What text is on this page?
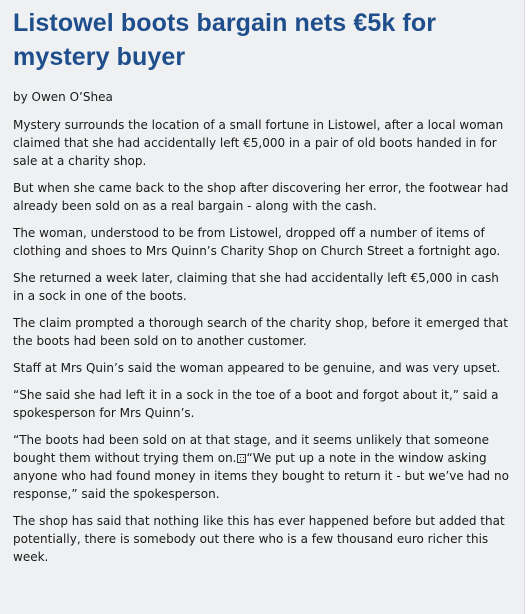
Listowel boots bargain nets €5k for mystery buyer

by Owen O’Shea

Mystery surrounds the location of a small fortune in Listowel, after a local woman claimed that she had accidentally left €5,000 in a pair of old boots handed in for sale at a charity shop.

But when she came back to the shop after discovering her error, the footwear had already been sold on as a real bargain - along with the cash.

The woman, understood to be from Listowel, dropped off a number of items of clothing and shoes to Mrs Quinn’s Charity Shop on Church Street a fortnight ago.

She returned a week later, claiming that she had accidentally left €5,000 in cash in a sock in one of the boots.

The claim prompted a thorough search of the charity shop, before it emerged that the boots had been sold on to another customer.

Staff at Mrs Quin’s said the woman appeared to be genuine, and was very upset.

“She said she had left it in a sock in the toe of a boot and forgot about it,” said a spokesperson for Mrs Quinn’s.

“The boots had been sold on at that stage, and it seems unlikely that someone bought them without trying them on. “We put up a note in the window asking anyone who had found money in items they bought to return it - but we’ve had no response,” said the spokesperson.

The shop has said that nothing like this has ever happened before but added that potentially, there is somebody out there who is a few thousand euro richer this week.
